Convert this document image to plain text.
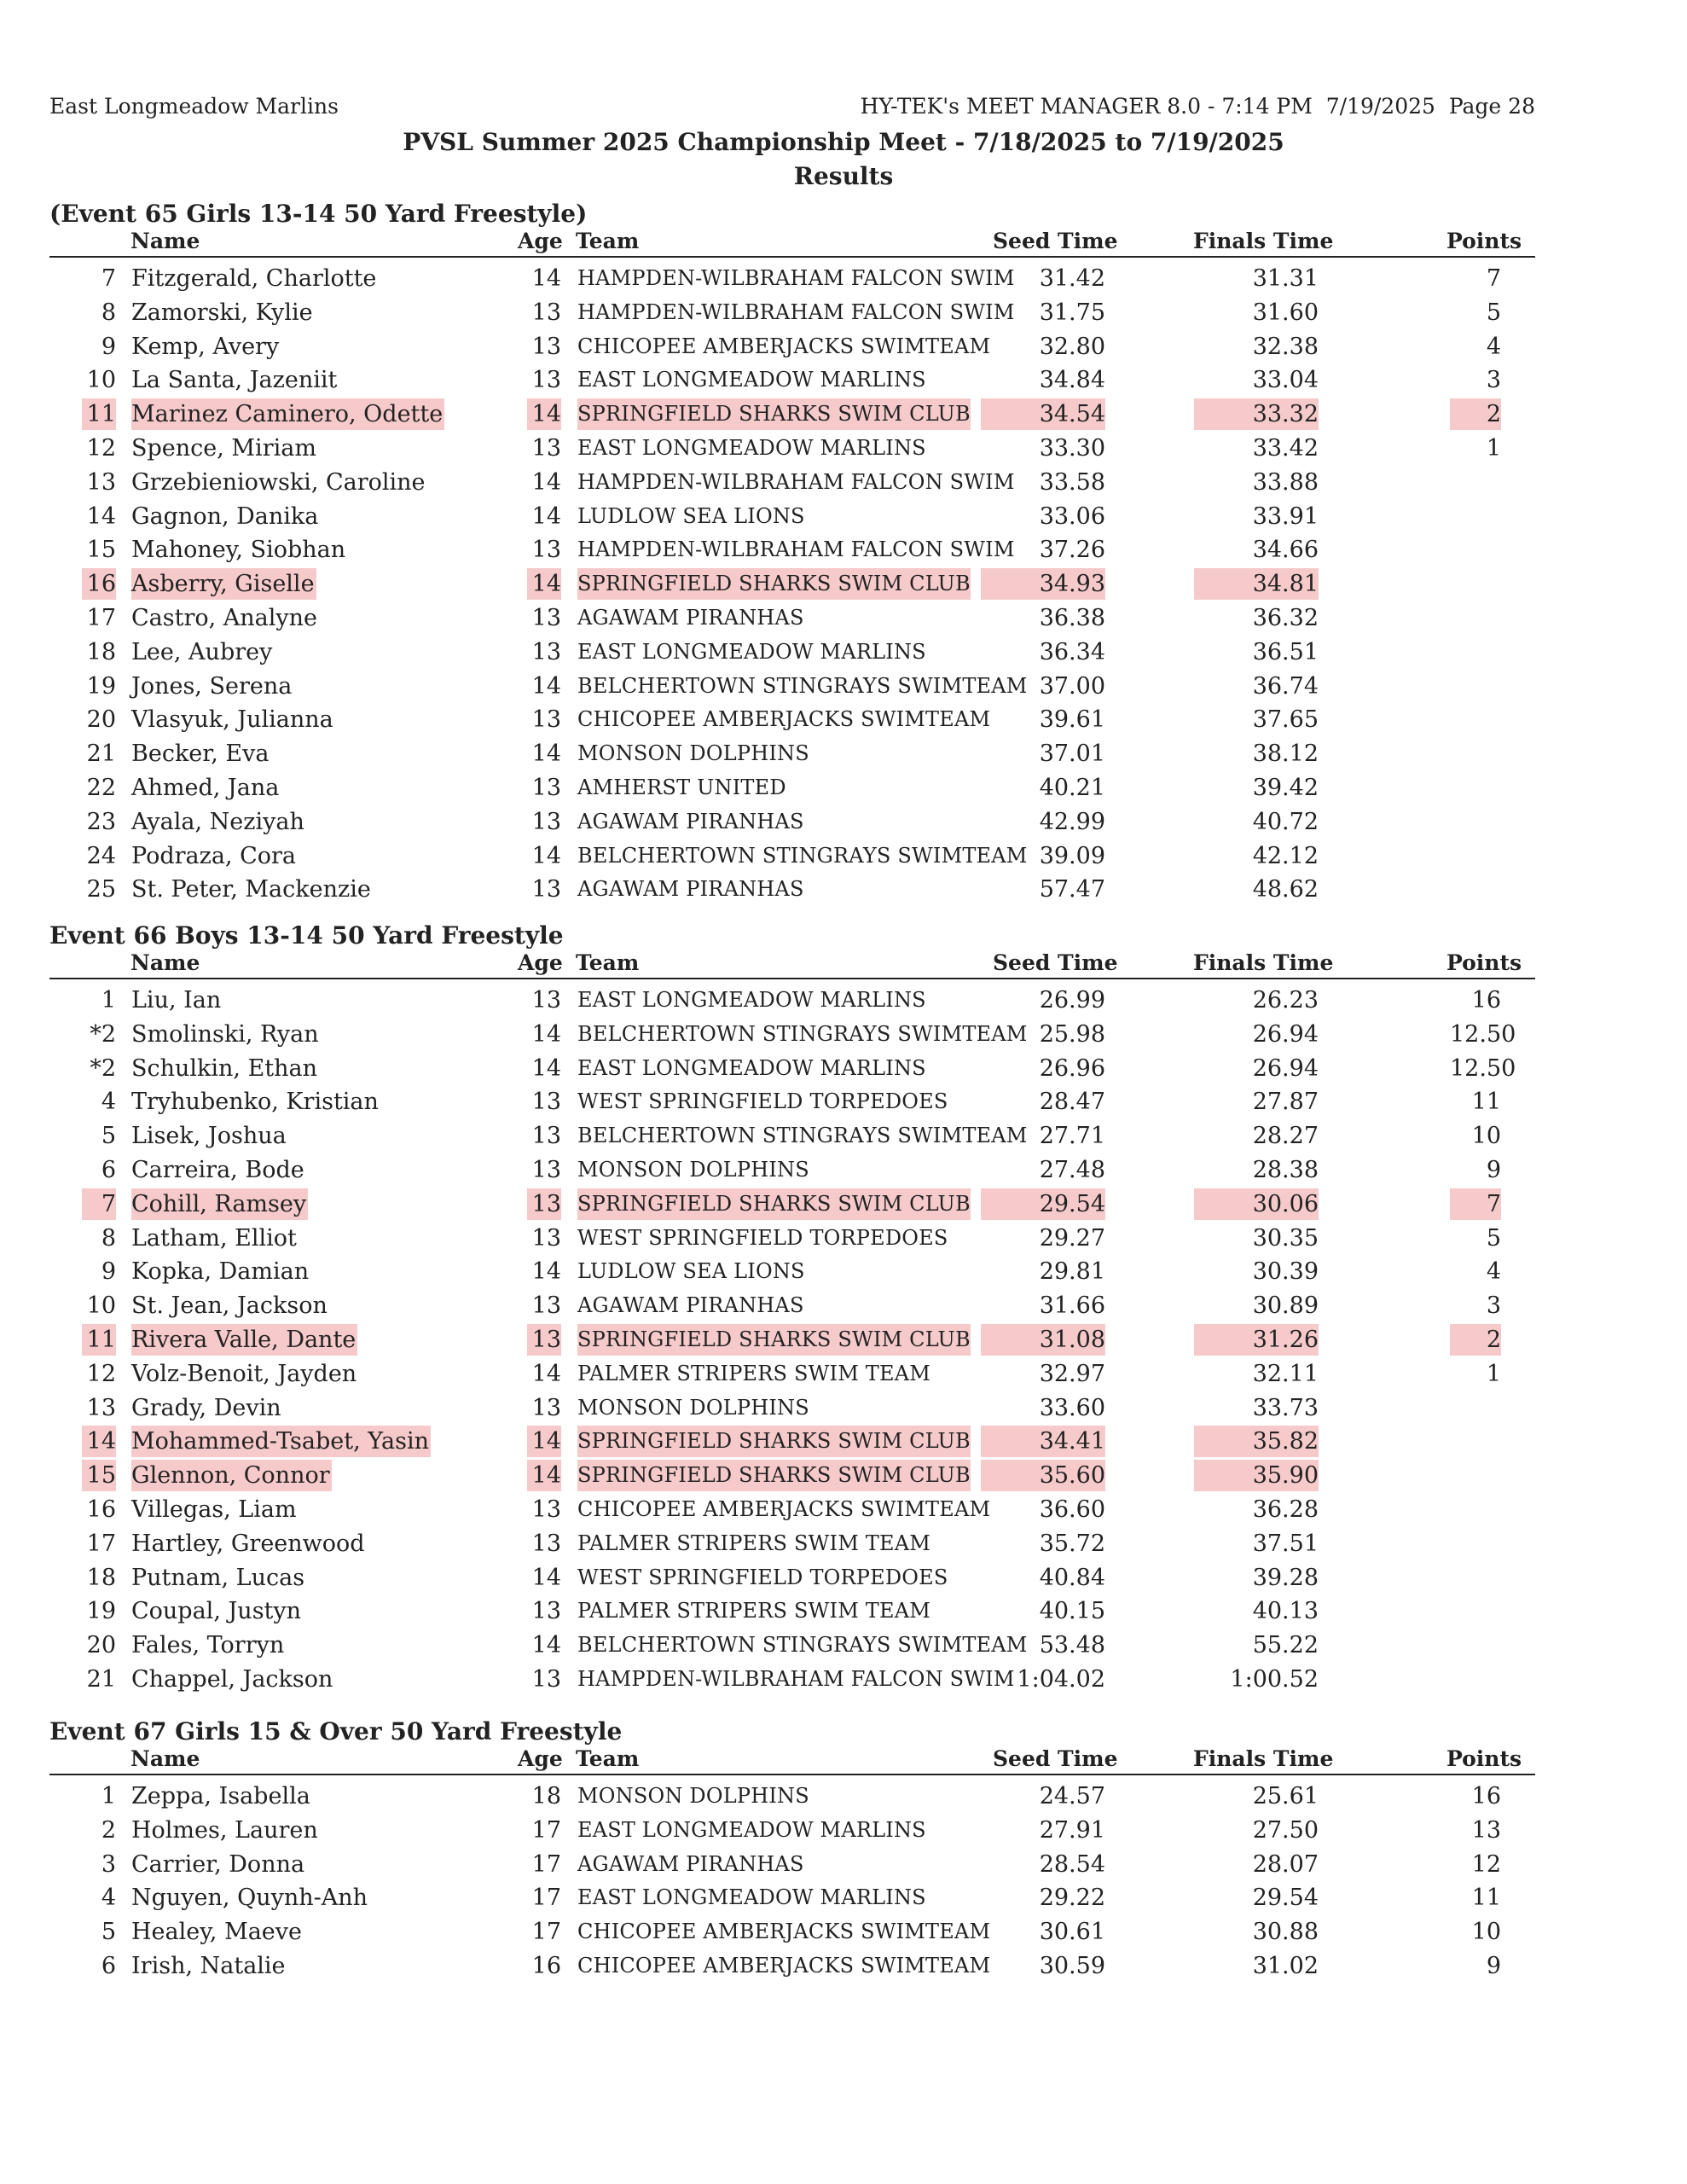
East Longmeadow Marlins	HY-TEK's MEET MANAGER 8.0 - 7:14 PM  7/19/2025  Page 28
PVSL Summer 2025 Championship Meet - 7/18/2025 to 7/19/2025
Results
(Event 65 Girls 13-14 50 Yard Freestyle)
Name	Age Team	Seed Time	Finals Time	Points
7 Fitzgerald, Charlotte	14 HAMPDEN-WILBRAHAM FALCON SWIM	31.42	31.31	7
8 Zamorski, Kylie	13 HAMPDEN-WILBRAHAM FALCON SWIM	31.75	31.60	5
9 Kemp, Avery	13 CHICOPEE AMBERJACKS SWIMTEAM	32.80	32.38	4
10 La Santa, Jazeniit	13 EAST LONGMEADOW MARLINS	34.84	33.04	3
11 Marinez Caminero, Odette	14 SPRINGFIELD SHARKS SWIM CLUB	34.54	33.32	2
12 Spence, Miriam	13 EAST LONGMEADOW MARLINS	33.30	33.42	1
13 Grzebieniowski, Caroline	14 HAMPDEN-WILBRAHAM FALCON SWIM	33.58	33.88
14 Gagnon, Danika	14 LUDLOW SEA LIONS	33.06	33.91
15 Mahoney, Siobhan	13 HAMPDEN-WILBRAHAM FALCON SWIM	37.26	34.66
16 Asberry, Giselle	14 SPRINGFIELD SHARKS SWIM CLUB	34.93	34.81
17 Castro, Analyne	13 AGAWAM PIRANHAS	36.38	36.32
18 Lee, Aubrey	13 EAST LONGMEADOW MARLINS	36.34	36.51
19 Jones, Serena	14 BELCHERTOWN STINGRAYS SWIMTEAM 37.00	36.74
20 Vlasyuk, Julianna	13 CHICOPEE AMBERJACKS SWIMTEAM	39.61	37.65
21 Becker, Eva	14 MONSON DOLPHINS	37.01	38.12
22 Ahmed, Jana	13 AMHERST UNITED	40.21	39.42
23 Ayala, Neziyah	13 AGAWAM PIRANHAS	42.99	40.72
24 Podraza, Cora	14 BELCHERTOWN STINGRAYS SWIMTEAM 39.09	42.12
25 St. Peter, Mackenzie	13 AGAWAM PIRANHAS	57.47	48.62
Event 66 Boys 13-14 50 Yard Freestyle
Name	Age Team	Seed Time	Finals Time	Points
1 Liu, Ian	13 EAST LONGMEADOW MARLINS	26.99	26.23	16
*2 Smolinski, Ryan	14 BELCHERTOWN STINGRAYS SWIMTEAM 25.98	26.94	12.50
*2 Schulkin, Ethan	14 EAST LONGMEADOW MARLINS	26.96	26.94	12.50
4 Tryhubenko, Kristian	13 WEST SPRINGFIELD TORPEDOES	28.47	27.87	11
5 Lisek, Joshua	13 BELCHERTOWN STINGRAYS SWIMTEAM 27.71	28.27	10
6 Carreira, Bode	13 MONSON DOLPHINS	27.48	28.38	9
7 Cohill, Ramsey	13 SPRINGFIELD SHARKS SWIM CLUB	29.54	30.06	7
8 Latham, Elliot	13 WEST SPRINGFIELD TORPEDOES	29.27	30.35	5
9 Kopka, Damian	14 LUDLOW SEA LIONS	29.81	30.39	4
10 St. Jean, Jackson	13 AGAWAM PIRANHAS	31.66	30.89	3
11 Rivera Valle, Dante	13 SPRINGFIELD SHARKS SWIM CLUB	31.08	31.26	2
12 Volz-Benoit, Jayden	14 PALMER STRIPERS SWIM TEAM	32.97	32.11	1
13 Grady, Devin	13 MONSON DOLPHINS	33.60	33.73
14 Mohammed-Tsabet, Yasin	14 SPRINGFIELD SHARKS SWIM CLUB	34.41	35.82
15 Glennon, Connor	14 SPRINGFIELD SHARKS SWIM CLUB	35.60	35.90
16 Villegas, Liam	13 CHICOPEE AMBERJACKS SWIMTEAM	36.60	36.28
17 Hartley, Greenwood	13 PALMER STRIPERS SWIM TEAM	35.72	37.51
18 Putnam, Lucas	14 WEST SPRINGFIELD TORPEDOES	40.84	39.28
19 Coupal, Justyn	13 PALMER STRIPERS SWIM TEAM	40.15	40.13
20 Fales, Torryn	14 BELCHERTOWN STINGRAYS SWIMTEAM 53.48	55.22
21 Chappel, Jackson	13 HAMPDEN-WILBRAHAM FALCON SWIM 1:04.02	1:00.52
Event 67 Girls 15 & Over 50 Yard Freestyle
Name	Age Team	Seed Time	Finals Time	Points
1 Zeppa, Isabella	18 MONSON DOLPHINS	24.57	25.61	16
2 Holmes, Lauren	17 EAST LONGMEADOW MARLINS	27.91	27.50	13
3 Carrier, Donna	17 AGAWAM PIRANHAS	28.54	28.07	12
4 Nguyen, Quynh-Anh	17 EAST LONGMEADOW MARLINS	29.22	29.54	11
5 Healey, Maeve	17 CHICOPEE AMBERJACKS SWIMTEAM	30.61	30.88	10
6 Irish, Natalie	16 CHICOPEE AMBERJACKS SWIMTEAM	30.59	31.02	9
